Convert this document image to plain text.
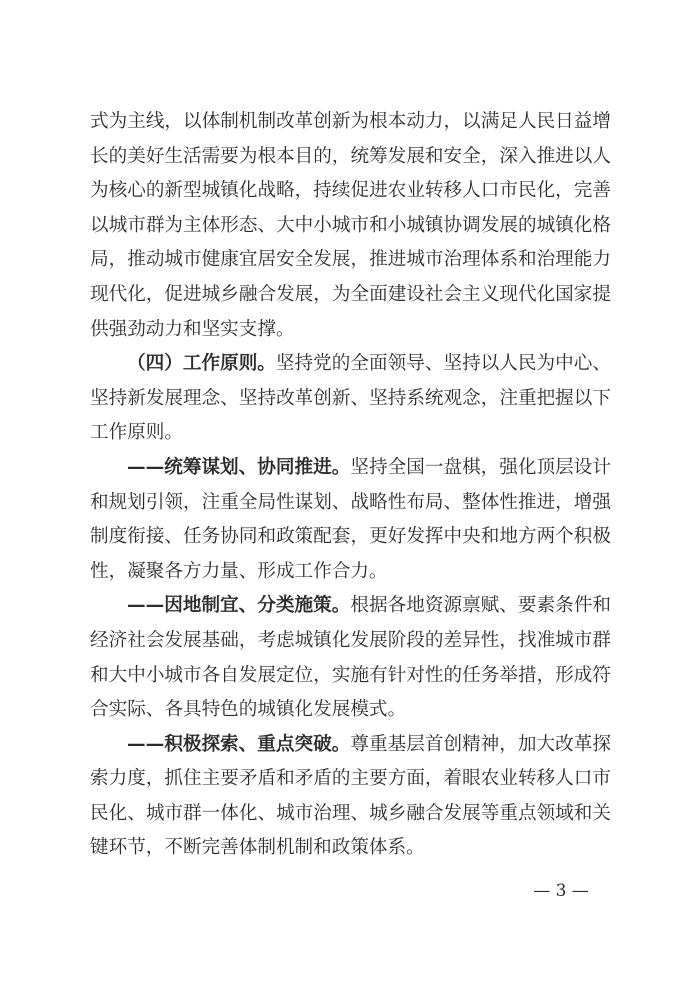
式为主线，以体制机制改革创新为根本动力，以满足人民日益增
长的美好生活需要为根本目的，统筹发展和安全，深入推进以人
为核心的新型城镇化战略，持续促进农业转移人口市民化，完善
以城市群为主体形态、大中小城市和小城镇协调发展的城镇化格
局，推动城市健康宜居安全发展，推进城市治理体系和治理能力
现代化，促进城乡融合发展，为全面建设社会主义现代化国家提
供强劲动力和坚实支撑。
（四）工作原则。坚持党的全面领导、坚持以人民为中心、
坚持新发展理念、坚持改革创新、坚持系统观念，注重把握以下
工作原则。
——统筹谋划、协同推进。坚持全国一盘棋，强化顶层设计
和规划引领，注重全局性谋划、战略性布局、整体性推进，增强
制度衔接、任务协同和政策配套，更好发挥中央和地方两个积极
性，凝聚各方力量、形成工作合力。
——因地制宜、分类施策。根据各地资源禀赋、要素条件和
经济社会发展基础，考虑城镇化发展阶段的差异性，找准城市群
和大中小城市各自发展定位，实施有针对性的任务举措，形成符
合实际、各具特色的城镇化发展模式。
——积极探索、重点突破。尊重基层首创精神，加大改革探
索力度，抓住主要矛盾和矛盾的主要方面，着眼农业转移人口市
民化、城市群一体化、城市治理、城乡融合发展等重点领域和关
键环节，不断完善体制机制和政策体系。
— 3 —
